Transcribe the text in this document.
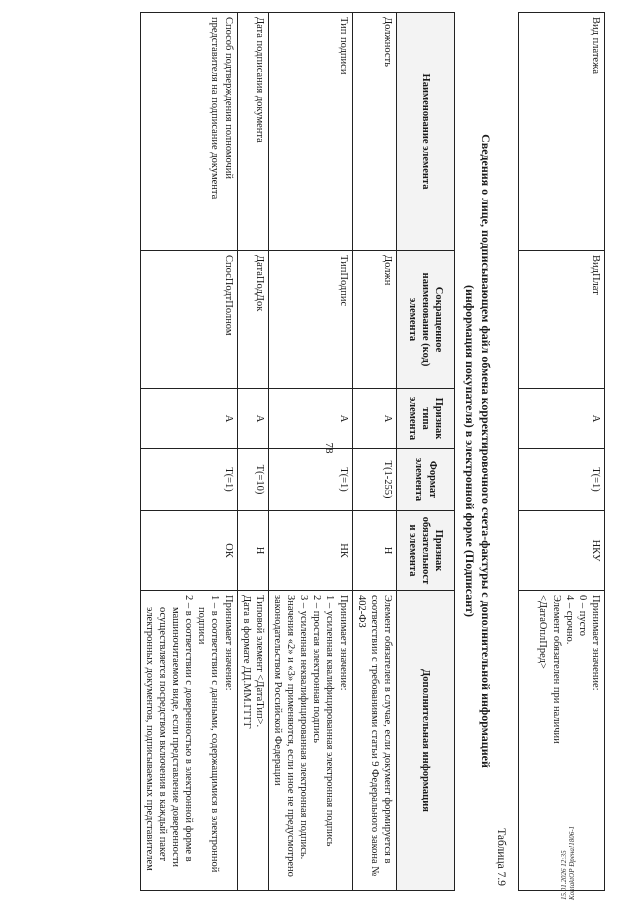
78
15.01.2026 12:35 KontaktОР Ðрена!1806-1
Вид платежа	ВидПлат	А	Т(=1)	НКУ	
Принимает значение:
0 – пусто
4 – срочно.
Элемент обязателен при наличии
<ДатаОплПред>
Таблица 7.9
Сведения о лице, подписывающем файл обмена корректировочного счета-фактуры с дополнительной информацией
(информация покупателя) в электронной форме (Подписант)
Наименование элемента	Сокращенное наименование (код) элемента	Признак типа элемента	Формат элемента	Признак обязательности элемента	Дополнительная информация
Должность	Должн	А	Т(1-255)	Н	Элемент обязателен в случае, если документ формируется в соответствии с требованиями статьи 9 Федерального закона № 402-ФЗ

Тип подписи	ТипПодпис	А	Т(=1)	НК	Принимает значение:
1 – усиленная квалифицированная электронная подпись
2 – простая электронная подпись
3 – усиленная неквалифицированная электронная подпись.
Значения «2» и «3» применяются, если иное не предусмотрено законодательством Российской Федерации

Дата подписания документа	ДатаПодДок	А	Т(=10)	Н	Типовой элемент <ДатаТип>.
Дата в формате ДД.ММ.ГГГГ

Способ подтверждения полномочий представителя на подписание документа	СпосПодтПолном	А	Т(=1)	ОК	Принимает значение:
1 – в соответствии с данными, содержащимися в электронной подписи
2 – в соответствии с доверенностью в электронной форме в машиночитаемом виде, если представление доверенности осуществляется посредством включения в каждый пакет электронных документов, подписываемых представителем
